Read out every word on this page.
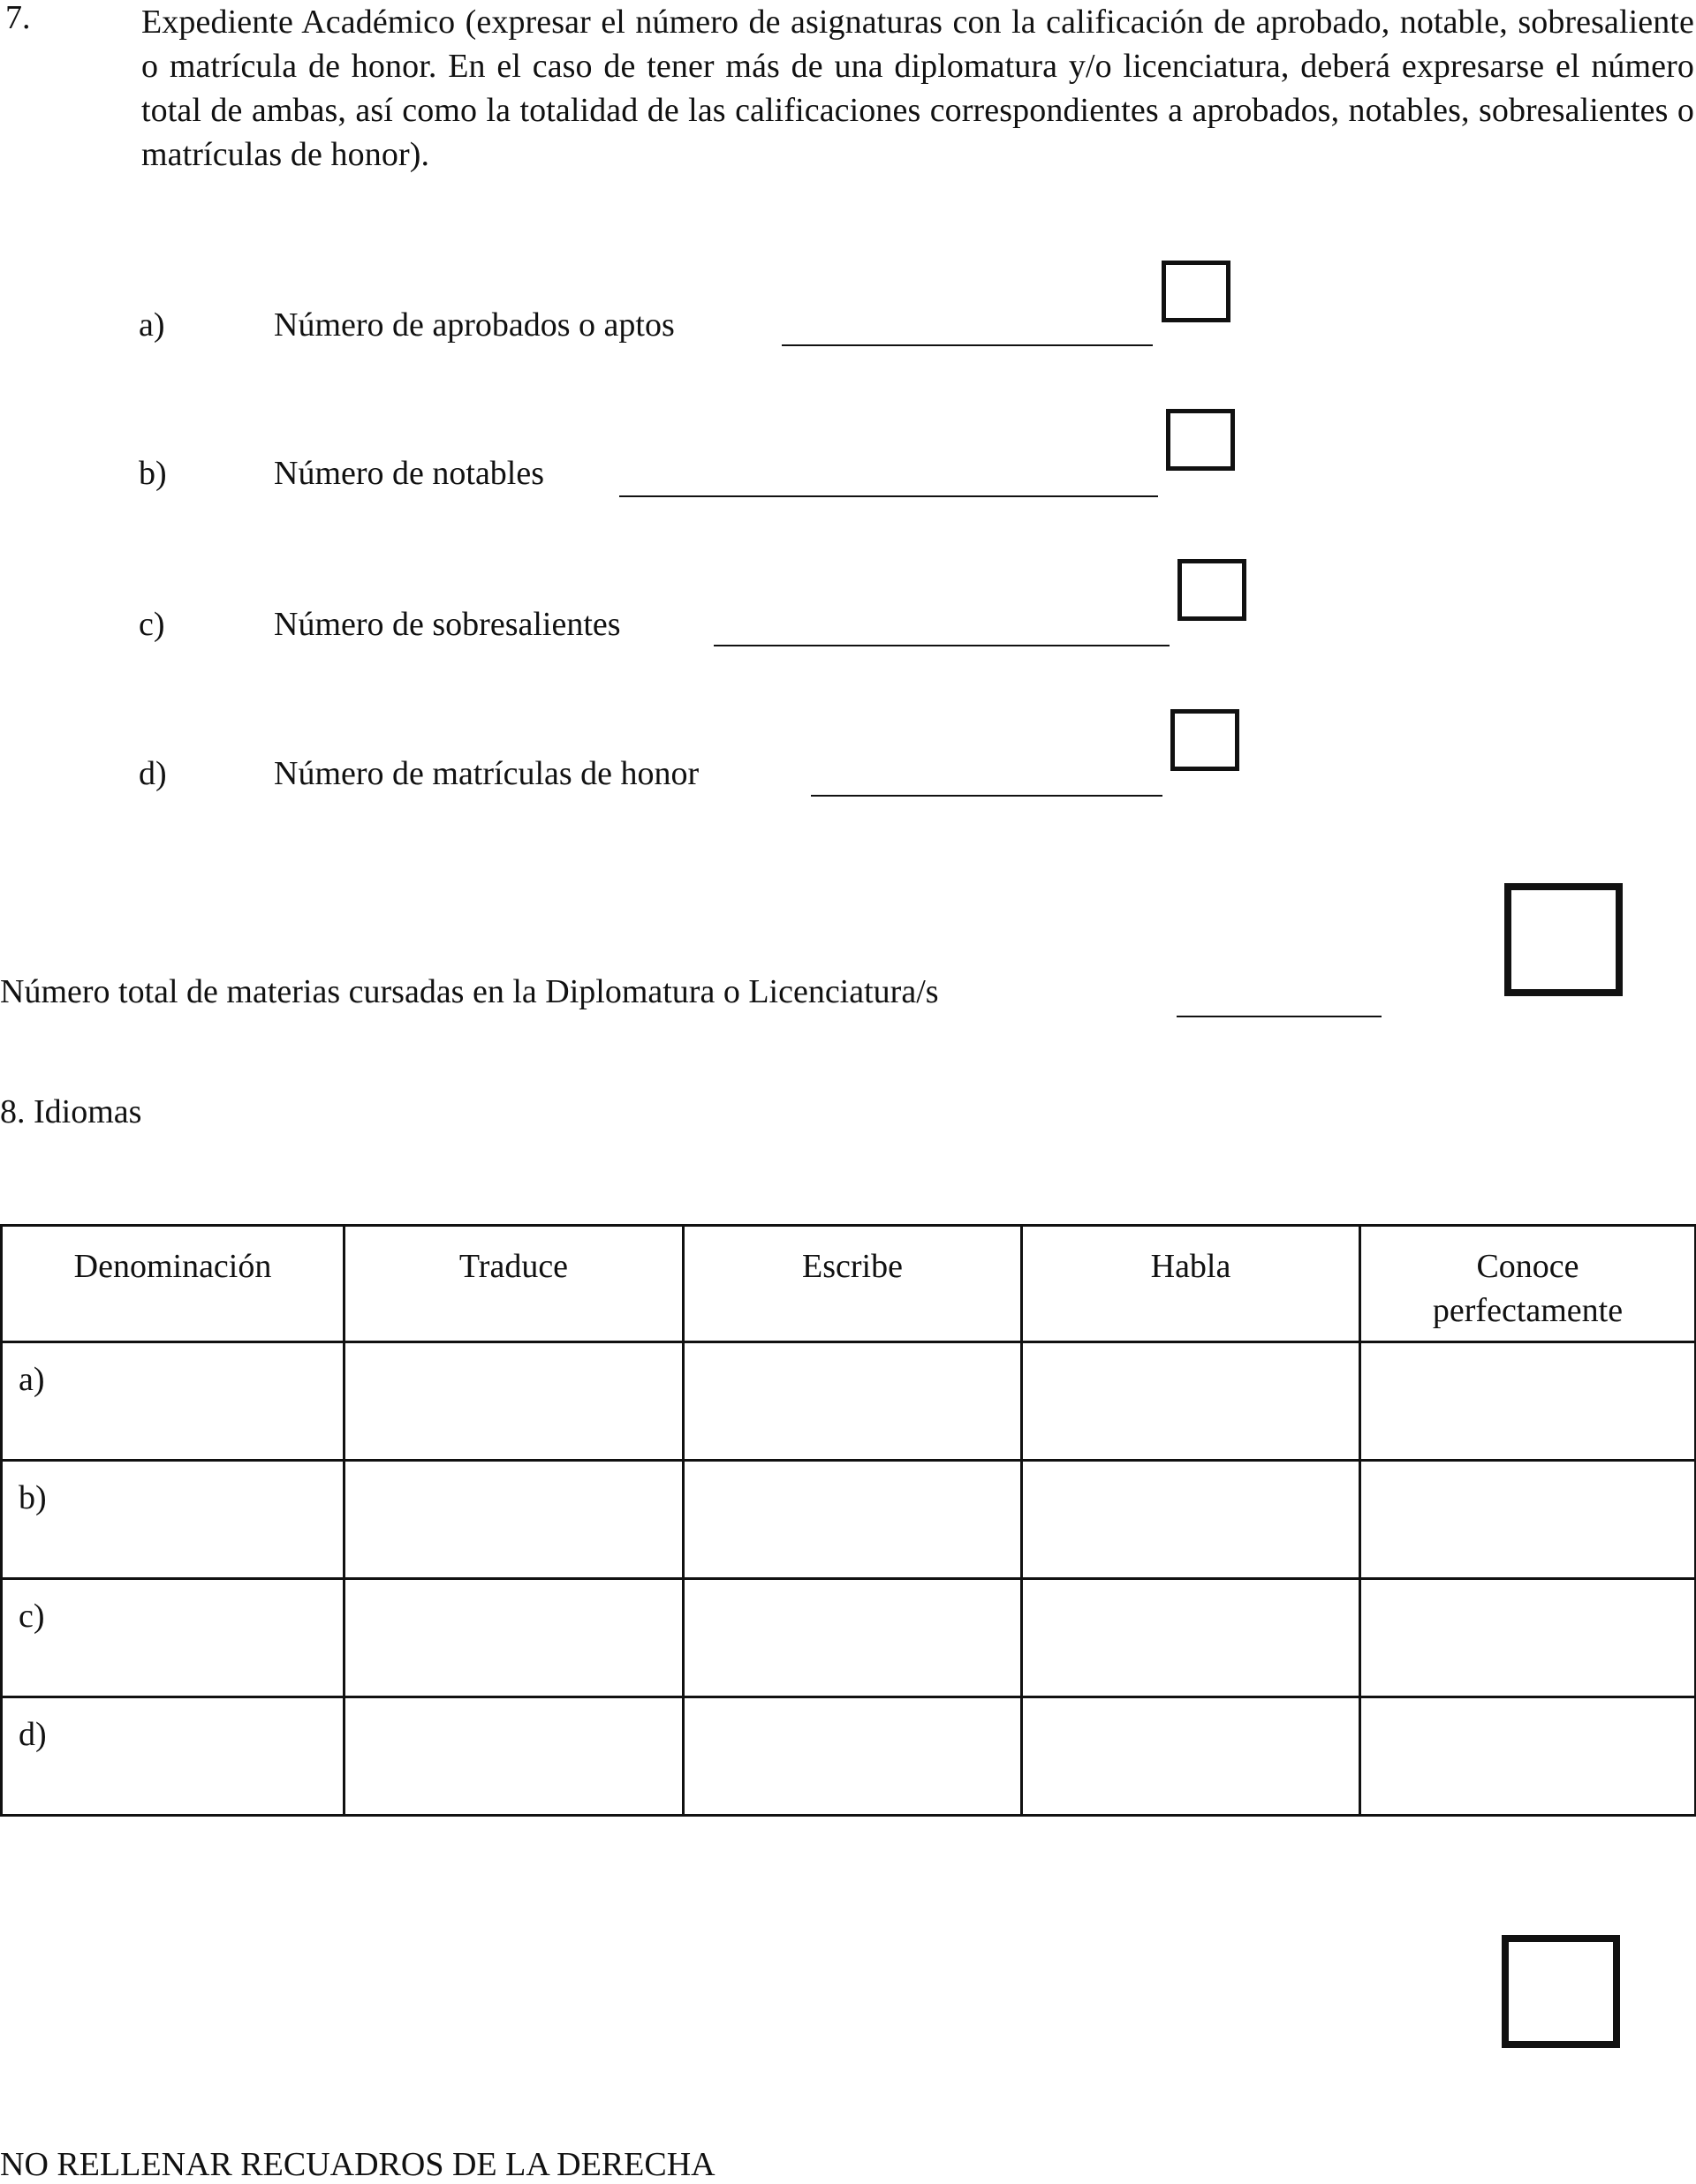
7.	Expediente Académico (expresar el número de asignaturas con la calificación de aprobado, notable, sobresaliente o matrícula de honor. En el caso de tener más de una diplomatura y/o licenciatura, deberá expresarse el número total de ambas, así como la totalidad de las calificaciones correspondientes a aprobados, notables, sobresalientes o matrículas de honor).
a)	Número de aprobados o aptos
b)	Número de notables
c)	Número de sobresalientes
d)	Número de matrículas de honor
Número total de materias cursadas en la Diplomatura o Licenciatura/s
8. Idiomas
Denominación	Traduce	Escribe	Habla	Conoce perfectamente
a)				
b)				
c)				
d)				
NO RELLENAR RECUADROS DE LA DERECHA
